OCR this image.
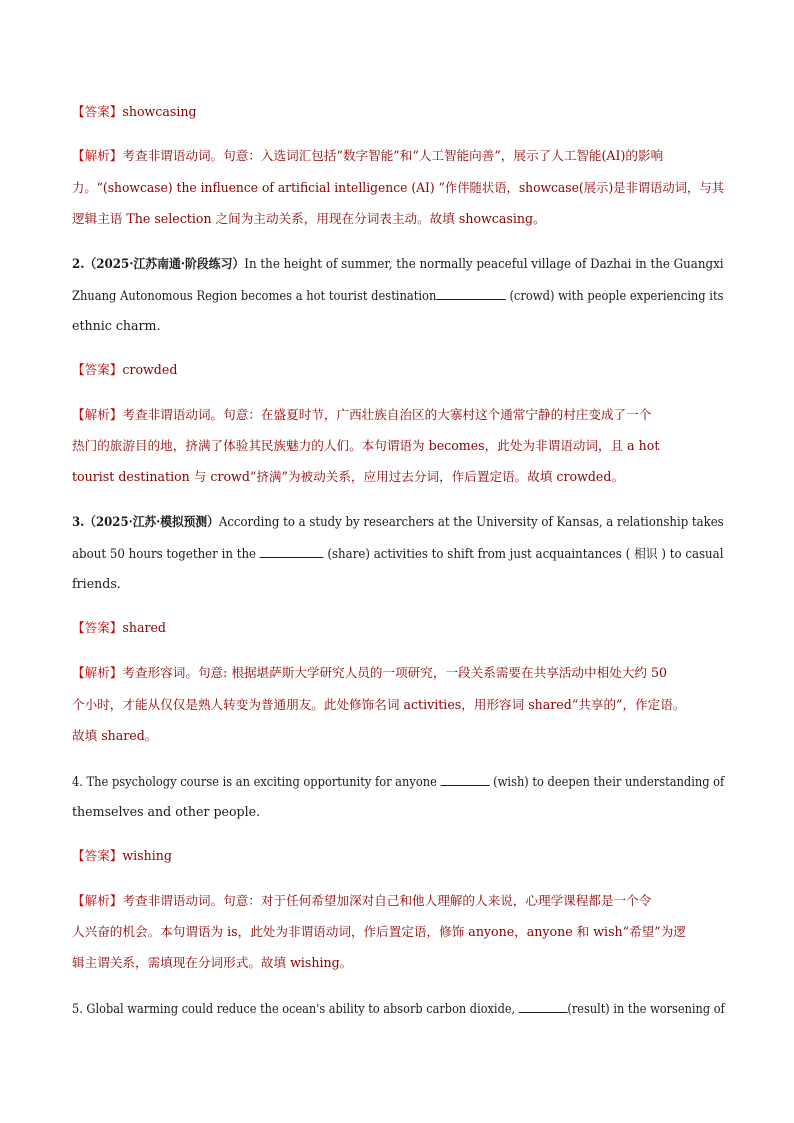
【答案】showcasing
【解析】考查非谓语动词。句意：入选词汇包括“数字智能”和“人工智能向善”，展示了人工智能(AI)的影响
力。“(showcase) the influence of artificial intelligence (AI) ”作伴随状语，showcase(展示)是非谓语动词，与其
逻辑主语 The selection 之间为主动关系，用现在分词表主动。故填 showcasing。
2.（2025·江苏南通·阶段练习）In the height of summer, the normally peaceful village of Dazhai in the Guangxi
Zhuang Autonomous Region becomes a hot tourist destination	(crowd) with people experiencing its
ethnic charm.
【答案】crowded
【解析】考查非谓语动词。句意：在盛夏时节，广西壮族自治区的大寨村这个通常宁静的村庄变成了一个
热门的旅游目的地，挤满了体验其民族魅力的人们。本句谓语为 becomes，此处为非谓语动词，且 a hot
tourist destination 与 crowd“挤满”为被动关系，应用过去分词，作后置定语。故填 crowded。
3.（2025·江苏·模拟预测）According to a study by researchers at the University of Kansas, a relationship takes
about 50 hours together in the	(share) activities to shift from just acquaintances ( 相识 ) to casual
friends.
【答案】shared
【解析】考查形容词。句意: 根据堪萨斯大学研究人员的一项研究，一段关系需要在共享活动中相处大约 50
个小时，才能从仅仅是熟人转变为普通朋友。此处修饰名词 activities，用形容词 shared“共享的”，作定语。
故填 shared。
4. The psychology course is an exciting opportunity for anyone	(wish) to deepen their understanding of
themselves and other people.
【答案】wishing
【解析】考查非谓语动词。句意：对于任何希望加深对自己和他人理解的人来说，心理学课程都是一个令
人兴奋的机会。本句谓语为 is，此处为非谓语动词，作后置定语，修饰 anyone，anyone 和 wish“希望”为逻
辑主谓关系，需填现在分词形式。故填 wishing。
5. Global warming could reduce the ocean's ability to absorb carbon dioxide,	(result) in the worsening of
